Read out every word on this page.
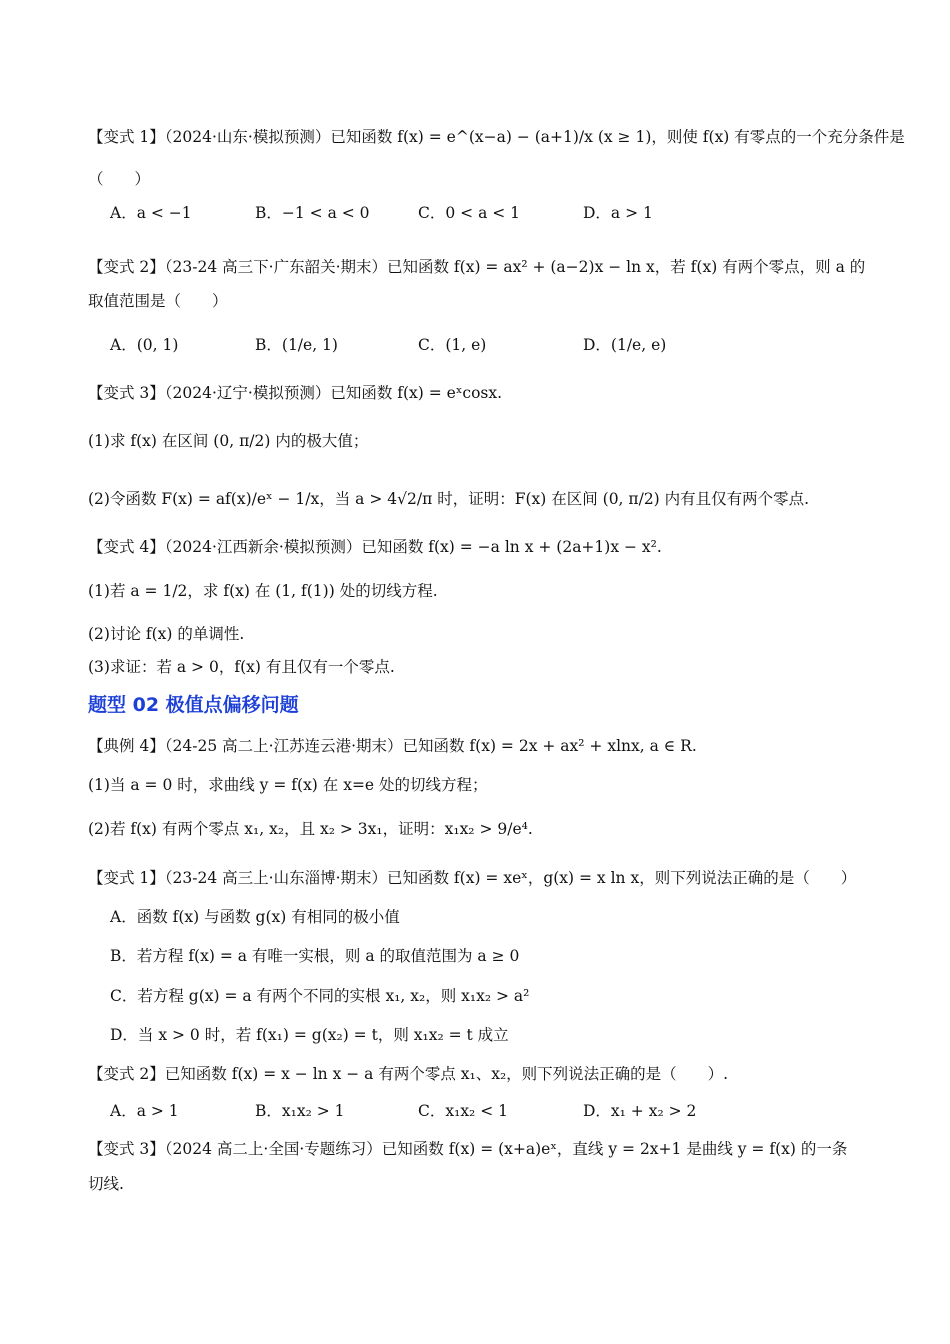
【变式 1】（2024·山东·模拟预测）已知函数 f(x) = e^(x−a) − (a+1)/x (x ≥ 1)，则使 f(x) 有零点的一个充分条件是
（　　）
A．a < −1	B．−1 < a < 0	C．0 < a < 1	D．a > 1
【变式 2】（23-24 高三下·广东韶关·期末）已知函数 f(x) = ax² + (a−2)x − ln x，若 f(x) 有两个零点，则 a 的
取值范围是（　　）
A．(0, 1)	B．(1/e, 1)	C．(1, e)	D．(1/e, e)
【变式 3】（2024·辽宁·模拟预测）已知函数 f(x) = eˣcosx.
(1)求 f(x) 在区间 (0, π/2) 内的极大值；
(2)令函数 F(x) = af(x)/eˣ − 1/x，当 a > 4√2/π 时，证明：F(x) 在区间 (0, π/2) 内有且仅有两个零点.
【变式 4】（2024·江西新余·模拟预测）已知函数 f(x) = −a ln x + (2a+1)x − x².
(1)若 a = 1/2，求 f(x) 在 (1, f(1)) 处的切线方程.
(2)讨论 f(x) 的单调性.
(3)求证：若 a > 0，f(x) 有且仅有一个零点.
题型 02 极值点偏移问题
【典例 4】（24-25 高二上·江苏连云港·期末）已知函数 f(x) = 2x + ax² + xlnx, a ∈ R.
(1)当 a = 0 时，求曲线 y = f(x) 在 x=e 处的切线方程；
(2)若 f(x) 有两个零点 x₁, x₂，且 x₂ > 3x₁，证明：x₁x₂ > 9/e⁴.
【变式 1】（23-24 高三上·山东淄博·期末）已知函数 f(x) = xeˣ，g(x) = x ln x，则下列说法正确的是（　　）
A．函数 f(x) 与函数 g(x) 有相同的极小值
B．若方程 f(x) = a 有唯一实根，则 a 的取值范围为 a ≥ 0
C．若方程 g(x) = a 有两个不同的实根 x₁, x₂，则 x₁x₂ > a²
D．当 x > 0 时，若 f(x₁) = g(x₂) = t，则 x₁x₂ = t 成立
【变式 2】已知函数 f(x) = x − ln x − a 有两个零点 x₁、x₂，则下列说法正确的是（　　）.
A．a > 1	B．x₁x₂ > 1	C．x₁x₂ < 1	D．x₁ + x₂ > 2
【变式 3】（2024 高二上·全国·专题练习）已知函数 f(x) = (x+a)eˣ，直线 y = 2x+1 是曲线 y = f(x) 的一条
切线.
